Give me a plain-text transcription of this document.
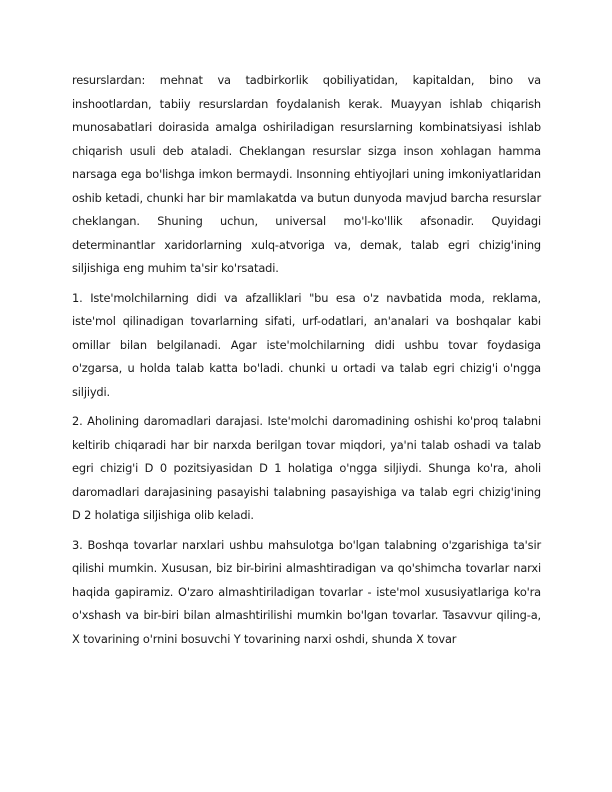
resurslardan: mehnat va tadbirkorlik qobiliyatidan, kapitaldan, bino va inshootlardan, tabiiy resurslardan foydalanish kerak. Muayyan ishlab chiqarish munosabatlari doirasida amalga oshiriladigan resurslarning kombinatsiyasi ishlab chiqarish usuli deb ataladi. Cheklangan resurslar sizga inson xohlagan hamma narsaga ega bo'lishga imkon bermaydi. Insonning ehtiyojlari uning imkoniyatlaridan oshib ketadi, chunki har bir mamlakatda va butun dunyoda mavjud barcha resurslar cheklangan. Shuning uchun, universal mo'l-ko'llik afsonadir. Quyidagi determinantlar xaridorlarning xulq-atvoriga va, demak, talab egri chizig'ining siljishiga eng muhim ta'sir ko'rsatadi.

1. Iste'molchilarning didi va afzalliklari "bu esa o'z navbatida moda, reklama, iste'mol qilinadigan tovarlarning sifati, urf-odatlari, an'analari va boshqalar kabi omillar bilan belgilanadi. Agar iste'molchilarning didi ushbu tovar foydasiga o'zgarsa, u holda talab katta bo'ladi. chunki u ortadi va talab egri chizig'i o'ngga siljiydi.

2. Aholining daromadlari darajasi. Iste'molchi daromadining oshishi ko'proq talabni keltirib chiqaradi har bir narxda berilgan tovar miqdori, ya'ni talab oshadi va talab egri chizig'i D 0 pozitsiyasidan D 1 holatiga o'ngga siljiydi. Shunga ko'ra, aholi daromadlari darajasining pasayishi talabning pasayishiga va talab egri chizig'ining D 2 holatiga siljishiga olib keladi.

3. Boshqa tovarlar narxlari ushbu mahsulotga bo'lgan talabning o'zgarishiga ta'sir qilishi mumkin. Xususan, biz bir-birini almashtiradigan va qo'shimcha tovarlar narxi haqida gapiramiz. O'zaro almashtiriladigan tovarlar - iste'mol xususiyatlariga ko'ra o'xshash va bir-biri bilan almashtirilishi mumkin bo'lgan tovarlar. Tasavvur qiling-a, X tovarining o'rnini bosuvchi Y tovarining narxi oshdi, shunda X tovar
